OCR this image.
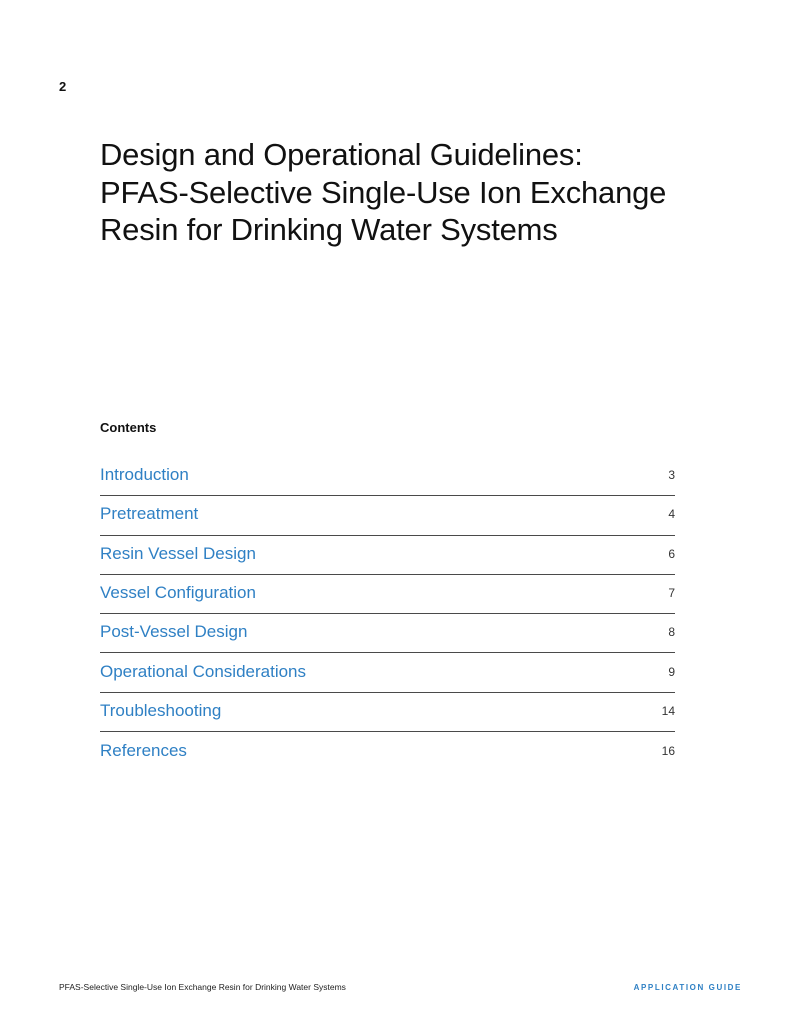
2
Design and Operational Guidelines:
PFAS-Selective Single-Use Ion Exchange
Resin for Drinking Water Systems
Contents
Introduction	3
Pretreatment	4
Resin Vessel Design	6
Vessel Configuration	7
Post-Vessel Design	8
Operational Considerations	9
Troubleshooting	14
References	16
PFAS-Selective Single-Use Ion Exchange Resin for Drinking Water Systems	APPLICATION GUIDE
